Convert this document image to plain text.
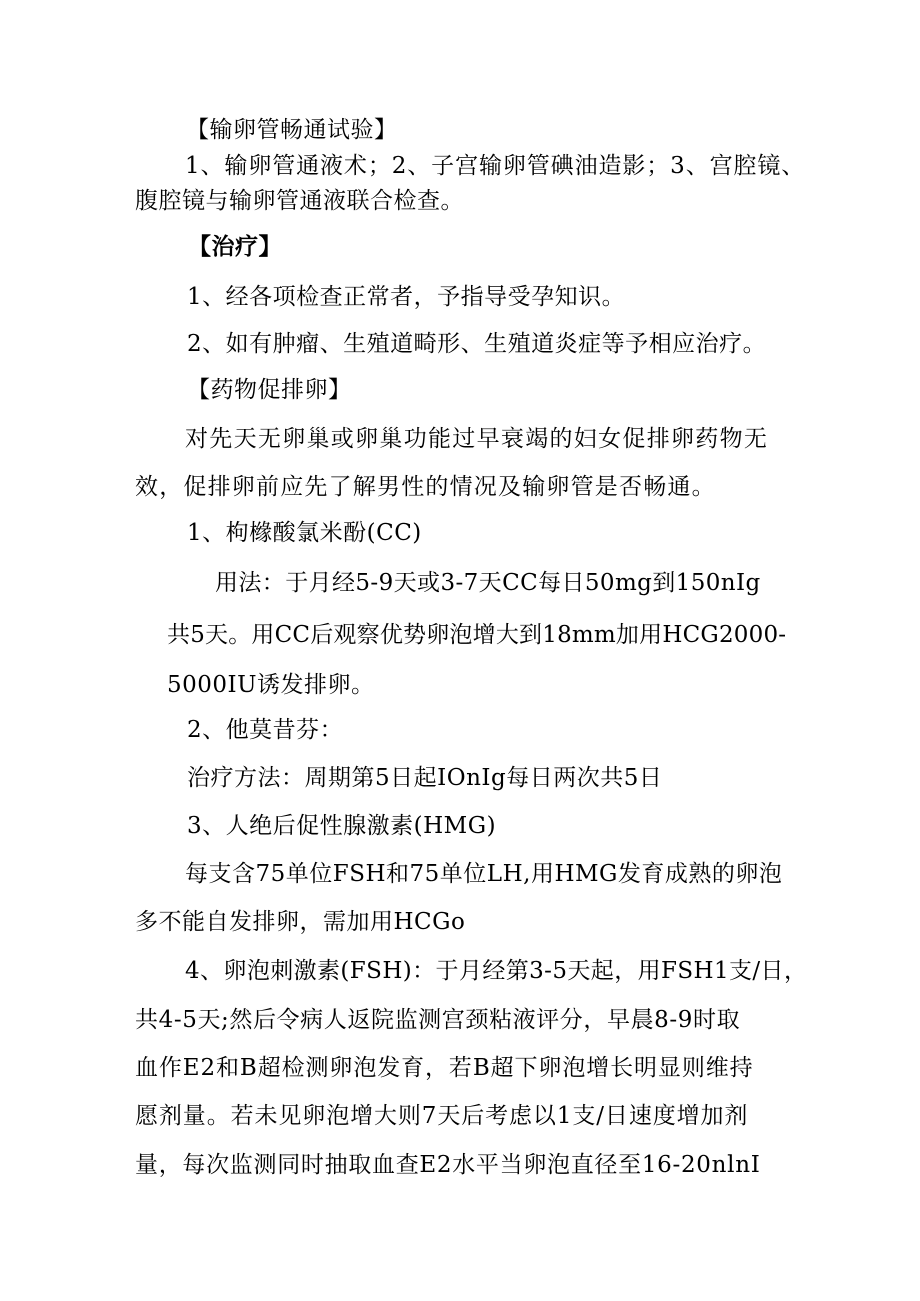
【输卵管畅通试验】
1、输卵管通液术；2、子宫输卵管碘油造影；3、宫腔镜、
腹腔镜与输卵管通液联合检查。
【治疗】
1、经各项检查正常者，予指导受孕知识。
2、如有肿瘤、生殖道畸形、生殖道炎症等予相应治疗。
【药物促排卵】
对先天无卵巢或卵巢功能过早衰竭的妇女促排卵药物无
效，促排卵前应先了解男性的情况及输卵管是否畅通。
1、枸橼酸氯米酚(CC)
用法：于月经5-9天或3-7天CC每日50mg到150nIg
共5天。用CC后观察优势卵泡增大到18mm加用HCG2000-
5000IU诱发排卵。
2、他莫昔芬：
治疗方法：周期第5日起IOnIg每日两次共5日
3、人绝后促性腺激素(HMG)
每支含75单位FSH和75单位LH,用HMG发育成熟的卵泡
多不能自发排卵，需加用HCGo
4、卵泡刺激素(FSH)：于月经第3-5天起，用FSH1支/日，
共4-5天;然后令病人返院监测宫颈粘液评分，早晨8-9时取
血作E2和B超检测卵泡发育，若B超下卵泡增长明显则维持
愿剂量。若未见卵泡增大则7天后考虑以1支/日速度增加剂
量，每次监测同时抽取血查E2水平当卵泡直径至16-20nlnI
